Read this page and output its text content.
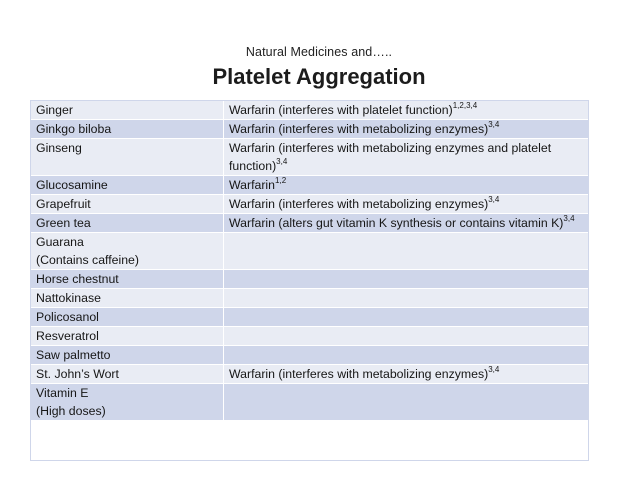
Natural Medicines and…..
Platelet Aggregation
Ginger	Warfarin (interferes with platelet function)$^{1,2,3,4}$

Ginkgo biloba	Warfarin (interferes with metabolizing enzymes)$^{3,4}$

Ginseng	Warfarin (interferes with metabolizing enzymes and platelet function)$^{3,4}$

Glucosamine	Warfarin$^{1,2}$

Grapefruit	Warfarin (interferes with metabolizing enzymes)$^{3,4}$

Green tea	Warfarin (alters gut vitamin K synthesis or contains vitamin K)$^{3,4}$

Guarana
(Contains caffeine)	

Horse chestnut	

Nattokinase	

Policosanol	

Resveratrol	

Saw palmetto	

St. John’s Wort	Warfarin (interferes with metabolizing enzymes)$^{3,4}$

Vitamin E
(High doses)	
